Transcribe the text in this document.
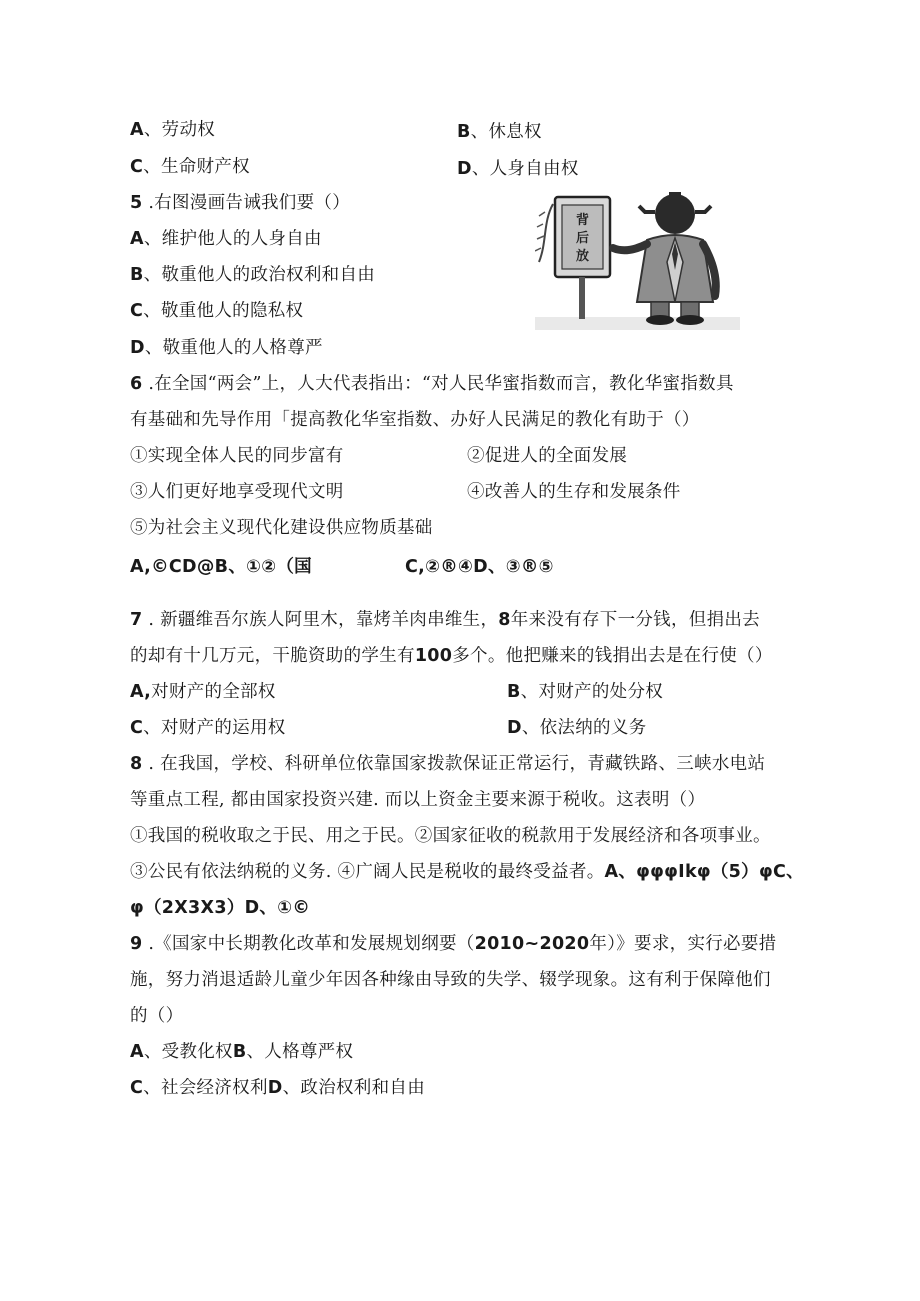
A、劳动权	B、休息权
C、生命财产权	D、人身自由权
5 .右图漫画告诫我们要（）
A、维护他人的人身自由
B、敬重他人的政治权利和自由
C、敬重他人的隐私权
D、敬重他人的人格尊严
背
后
放
6 .在全国“两会”上，人大代表指出：“对人民华蜜指数而言，教化华蜜指数具
有基础和先导作用「提高教化华室指数、办好人民满足的教化有助于（）
①实现全体人民的同步富有	②促进人的全面发展
③人们更好地享受现代文明	④改善人的生存和发展条件
⑤为社会主义现代化建设供应物质基础
A,©CD@B、①②（国	C,②®④D、③®⑤
7 . 新疆维吾尔族人阿里木，靠烤羊肉串维生，8年来没有存下一分钱，但捐出去
的却有十几万元，干脆资助的学生有100多个。他把赚来的钱捐出去是在行使（）
A,对财产的全部权	B、对财产的处分权
C、对财产的运用权	D、依法纳的义务
8 . 在我国，学校、科研单位依靠国家拨款保证正常运行，青藏铁路、三峡水电站
等重点工程, 都由国家投资兴建. 而以上资金主要来源于税收。这表明（）
①我国的税收取之于民、用之于民。②国家征收的税款用于发展经济和各项事业。
③公民有依法纳税的义务. ④广阔人民是税收的最终受益者。A、φφφIkφ（5）φC、
φ（2X3X3）D、①©
9 .《国家中长期教化改革和发展规划纲要（2010~2020年）》要求，实行必要措
施，努力消退适龄儿童少年因各种缘由导致的失学、辍学现象。这有利于保障他们
的（）
A、受教化权B、人格尊严权
C、社会经济权利D、政治权利和自由
